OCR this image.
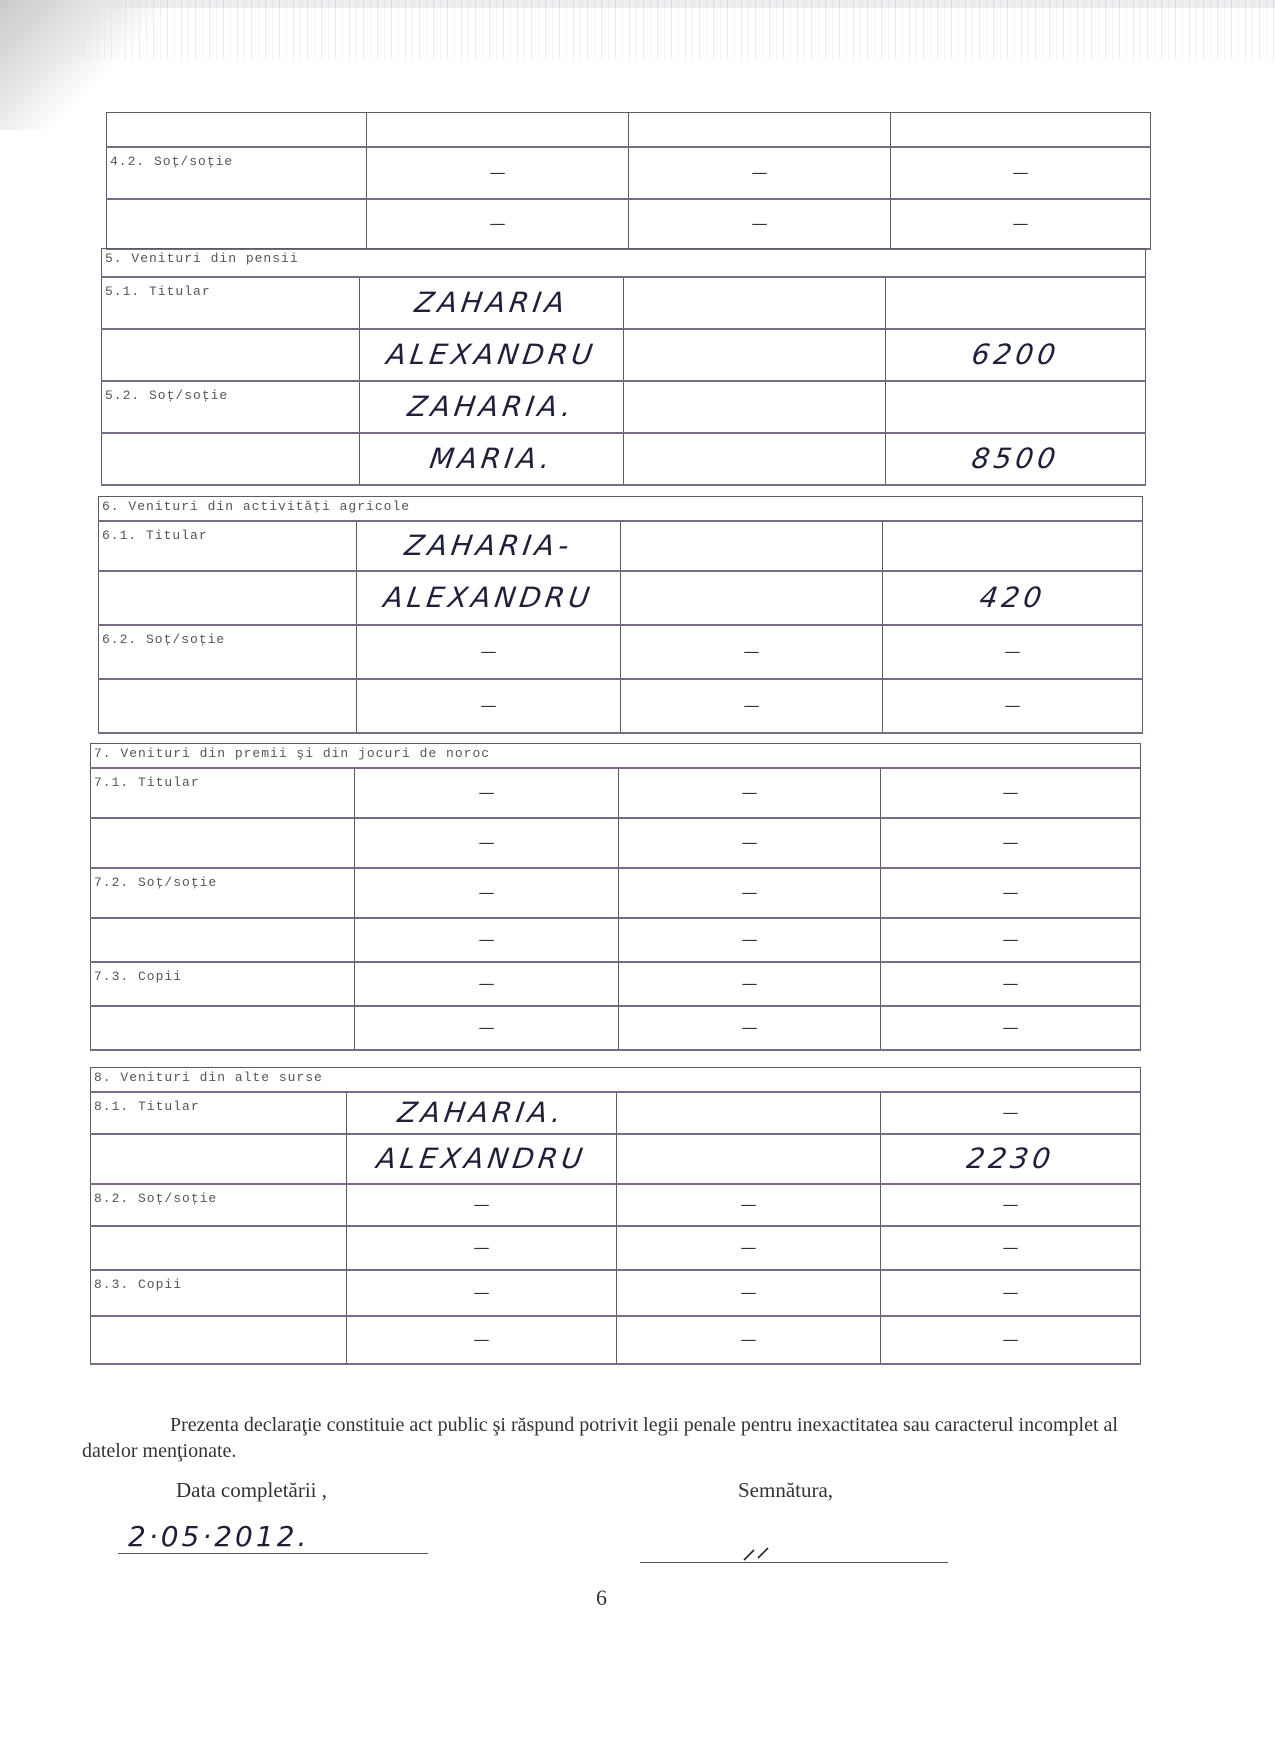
4.2. Soţ/soţie	—	—	—
	—	—	—
5. Venituri din pensii			
5.1. Titular	ZAHARIA		
	ALEXANDRU		6200
5.2. Soţ/soţie	ZAHARIA.		
	MARIA.		8500
6. Venituri din activităţi agricole			
6.1. Titular	ZAHARIA-		
	ALEXANDRU		420
6.2. Soţ/soţie	—	—	—
	—	—	—
7. Venituri din premii şi din jocuri de noroc			
7.1. Titular	—	—	—
	—	—	—
7.2. Soţ/soţie	—	—	—
	—	—	—
7.3. Copii	—	—	—
	—	—	—
8. Venituri din alte surse			
8.1. Titular	ZAHARIA.		—
	ALEXANDRU		2230
8.2. Soţ/soţie	—	—	—
	—	—	—
8.3. Copii	—	—	—
	—	—	—

Prezenta declaraţie constituie act public şi răspund potrivit legii penale pentru inexactitatea sau caracterul incomplet al datelor menţionate.

Data completării ,
2·05·2012.
Semnătura,
6
